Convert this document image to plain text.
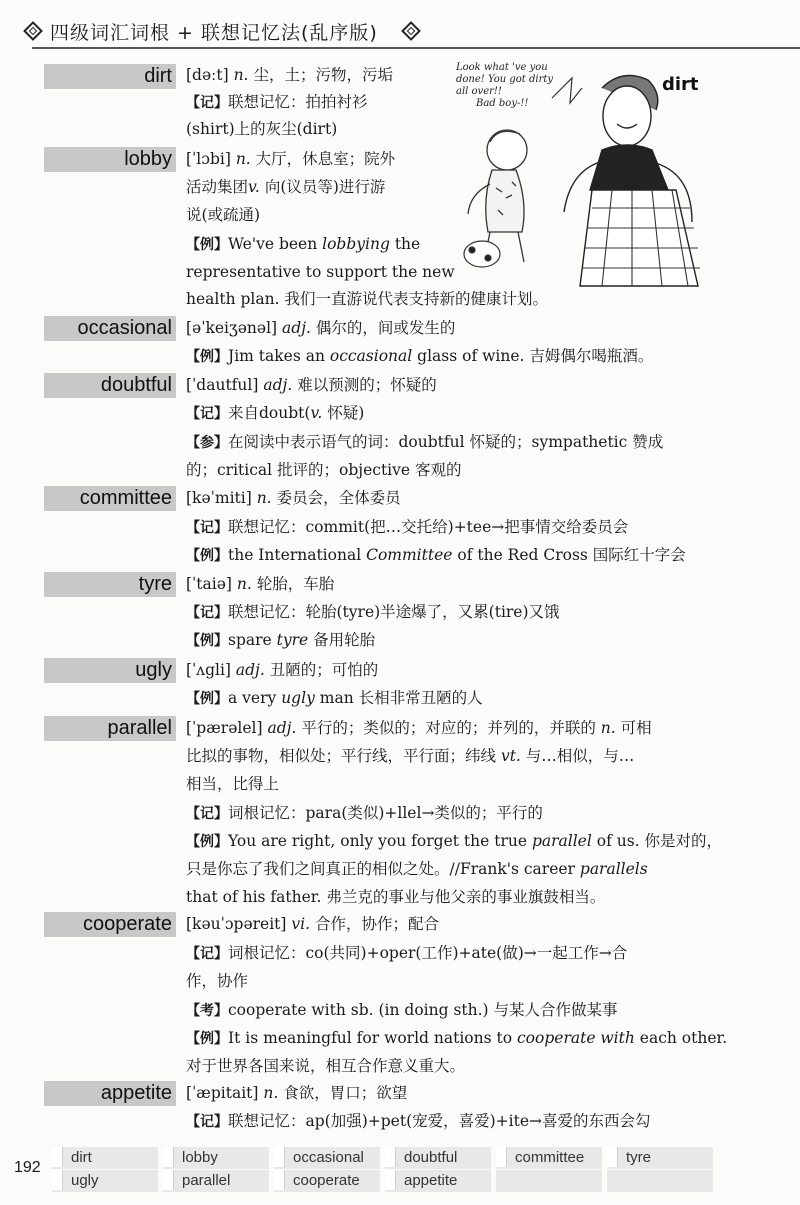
四级词汇词根 + 联想记忆法(乱序版)
Look what 've you
done! You got dirty
all over!!
Bad boy-!!
dirt
dirt [dəːt] n. 尘，土；污物，污垢
【记】联想记忆：拍拍衬衫
(shirt)上的灰尘(dirt)
lobby [ˈlɔbi] n. 大厅，休息室；院外
活动集团v. 向(议员等)进行游
说(或疏通)
【例】We've been lobbying the
representative to support the new
health plan. 我们一直游说代表支持新的健康计划。
occasional [əˈkeiʒənəl] adj. 偶尔的，间或发生的
【例】Jim takes an occasional glass of wine. 吉姆偶尔喝瓶酒。
doubtful [ˈdautful] adj. 难以预测的；怀疑的
【记】来自doubt(v. 怀疑)
【参】在阅读中表示语气的词：doubtful 怀疑的；sympathetic 赞成
的；critical 批评的；objective 客观的
committee [kəˈmiti] n. 委员会，全体委员
【记】联想记忆：commit(把…交托给)+tee→把事情交给委员会
【例】the International Committee of the Red Cross 国际红十字会
tyre [ˈtaiə] n. 轮胎，车胎
【记】联想记忆：轮胎(tyre)半途爆了，又累(tire)又饿
【例】spare tyre 备用轮胎
ugly [ˈʌgli] adj. 丑陋的；可怕的
【例】a very ugly man 长相非常丑陋的人
parallel [ˈpærəlel] adj. 平行的；类似的；对应的；并列的，并联的 n. 可相
比拟的事物，相似处；平行线，平行面；纬线 vt. 与…相似，与…
相当，比得上
【记】词根记忆：para(类似)+llel→类似的；平行的
【例】You are right, only you forget the true parallel of us. 你是对的，
只是你忘了我们之间真正的相似之处。//Frank's career parallels
that of his father. 弗兰克的事业与他父亲的事业旗鼓相当。
cooperate [kəuˈɔpəreit] vi. 合作，协作；配合
【记】词根记忆：co(共同)+oper(工作)+ate(做)→一起工作→合
作，协作
【考】cooperate with sb. (in doing sth.) 与某人合作做某事
【例】It is meaningful for world nations to cooperate with each other.
对于世界各国来说，相互合作意义重大。
appetite [ˈæpitait] n. 食欲，胃口；欲望
【记】联想记忆：ap(加强)+pet(宠爱，喜爱)+ite→喜爱的东西会勾
192
dirt	lobby	occasional	doubtful	committee	tyre
ugly	parallel	cooperate	appetite
